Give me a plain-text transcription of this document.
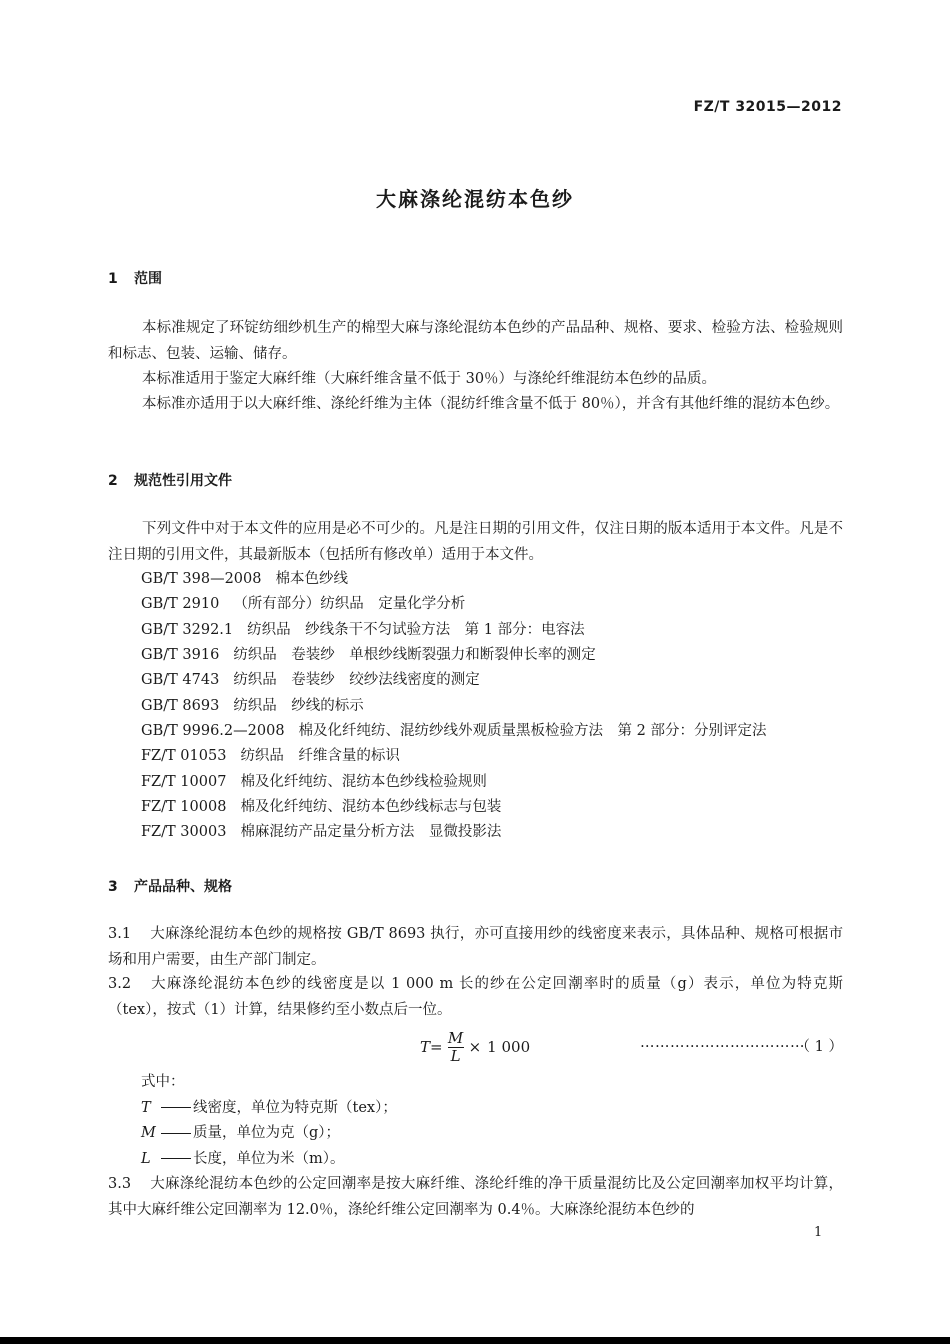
FZ/T 32015—2012
大麻涤纶混纺本色纱
1 范围
本标准规定了环锭纺细纱机生产的棉型大麻与涤纶混纺本色纱的产品品种、规格、要求、检验方法、检验规则和标志、包装、运输、储存。
本标准适用于鉴定大麻纤维（大麻纤维含量不低于 30％）与涤纶纤维混纺本色纱的品质。
本标准亦适用于以大麻纤维、涤纶纤维为主体（混纺纤维含量不低于 80％），并含有其他纤维的混纺本色纱。
2 规范性引用文件
下列文件中对于本文件的应用是必不可少的。凡是注日期的引用文件，仅注日期的版本适用于本文件。凡是不注日期的引用文件，其最新版本（包括所有修改单）适用于本文件。
GB/T 398—2008 棉本色纱线
GB/T 2910 （所有部分）纺织品　定量化学分析
GB/T 3292.1 纺织品　纱线条干不匀试验方法　第 1 部分：电容法
GB/T 3916 纺织品　卷装纱　单根纱线断裂强力和断裂伸长率的测定
GB/T 4743 纺织品　卷装纱　绞纱法线密度的测定
GB/T 8693 纺织品　纱线的标示
GB/T 9996.2—2008 棉及化纤纯纺、混纺纱线外观质量黑板检验方法　第 2 部分：分别评定法
FZ/T 01053 纺织品　纤维含量的标识
FZ/T 10007 棉及化纤纯纺、混纺本色纱线检验规则
FZ/T 10008 棉及化纤纯纺、混纺本色纱线标志与包装
FZ/T 30003 棉麻混纺产品定量分析方法　显微投影法
3 产品品种、规格
3.1 大麻涤纶混纺本色纱的规格按 GB/T 8693 执行，亦可直接用纱的线密度来表示，具体品种、规格可根据市场和用户需要，由生产部门制定。
3.2 大麻涤纶混纺本色纱的线密度是以 1 000 m 长的纱在公定回潮率时的质量（g）表示，单位为特克斯（tex），按式（1）计算，结果修约至小数点后一位。
$T = \frac{M}{L} \times 1$ 000	……………………………
（ 1 ）
式中：
T	线密度，单位为特克斯（tex）；
M	质量，单位为克（g）；
L	长度，单位为米（m）。
3.3 大麻涤纶混纺本色纱的公定回潮率是按大麻纤维、涤纶纤维的净干质量混纺比及公定回潮率加权平均计算，其中大麻纤维公定回潮率为 12.0％，涤纶纤维公定回潮率为 0.4％。大麻涤纶混纺本色纱的
1
